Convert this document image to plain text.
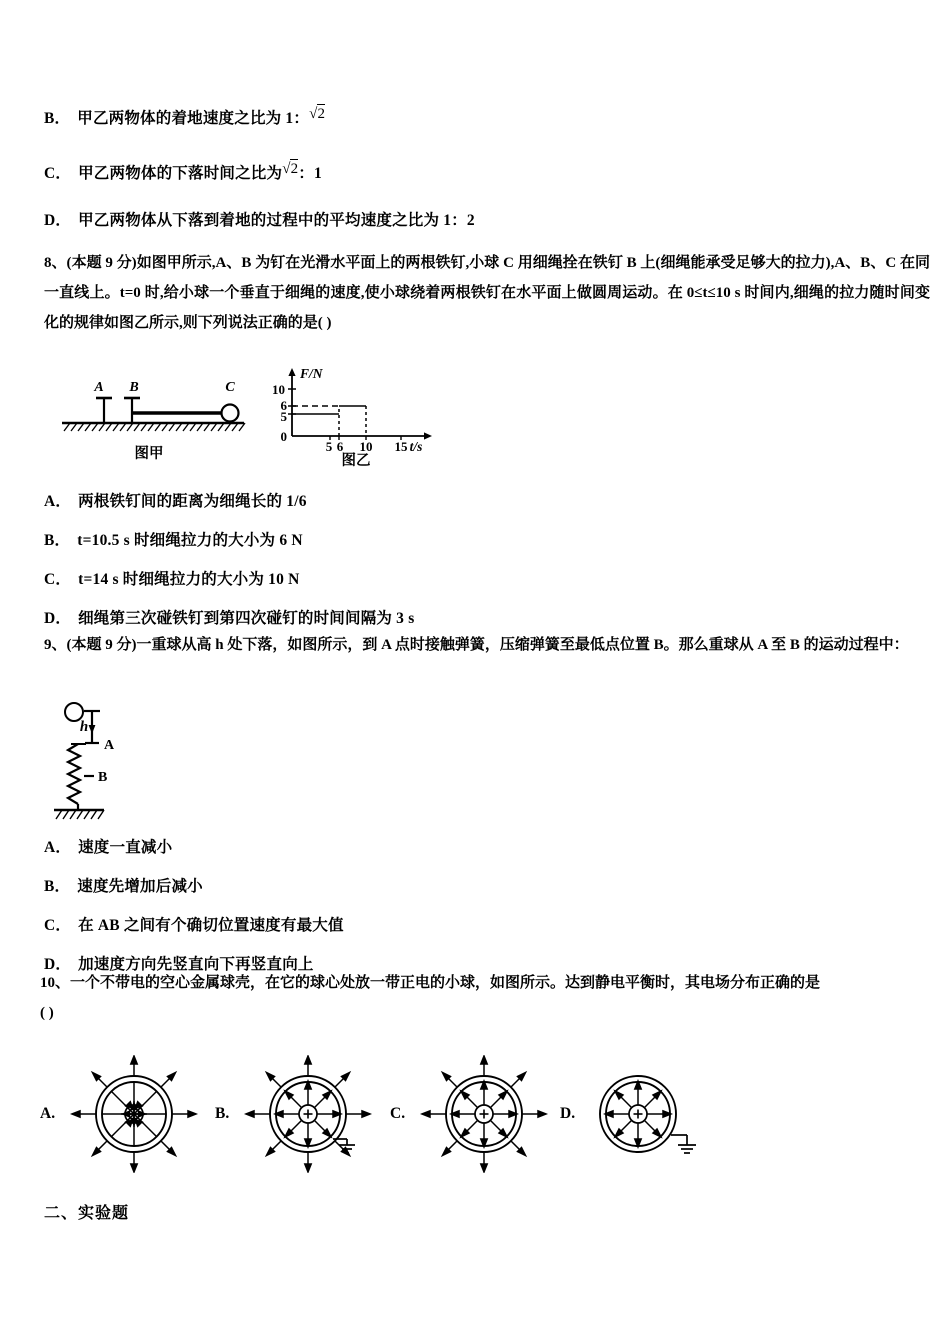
B． 甲乙两物体的着地速度之比为 1：√
2
C． 甲乙两物体的下落时间之比为√
2：1
D． 甲乙两物体从下落到着地的过程中的平均速度之比为 1：2
8、(本题 9 分)如图甲所示,A、B 为钉在光滑水平面上的两根铁钉,小球 C 用细绳拴在铁钉 B 上(细绳能承受足够大的拉力),A、B、C 在同一直线上。t=0 时,给小球一个垂直于细绳的速度,使小球绕着两根铁钉在水平面上做圆周运动。在 0≤t≤10 s 时间内,细绳的拉力随时间变化的规律如图乙所示,则下列说法正确的是( )
A B	C
图甲
F/N
10
6
5
0
5 6 10 15 t/s
图乙
A． 两根铁钉间的距离为细绳长的 1/6
B． t=10.5 s 时细绳拉力的大小为 6 N
C． t=14 s 时细绳拉力的大小为 10 N
D． 细绳第三次碰铁钉到第四次碰钉的时间间隔为 3 s
9、(本题 9 分)一重球从高 h 处下落，如图所示，到 A 点时接触弹簧，压缩弹簧至最低点位置 B。那么重球从 A 至 B 的运动过程中：
h
A
B
A． 速度一直减小
B． 速度先增加后减小
C． 在 AB 之间有个确切位置速度有最大值
D． 加速度方向先竖直向下再竖直向上
10、一个不带电的空心金属球壳，在它的球心处放一带正电的小球，如图所示。达到静电平衡时，其电场分布正确的是
( )
A.	B.	C.	D.
二、实验题
